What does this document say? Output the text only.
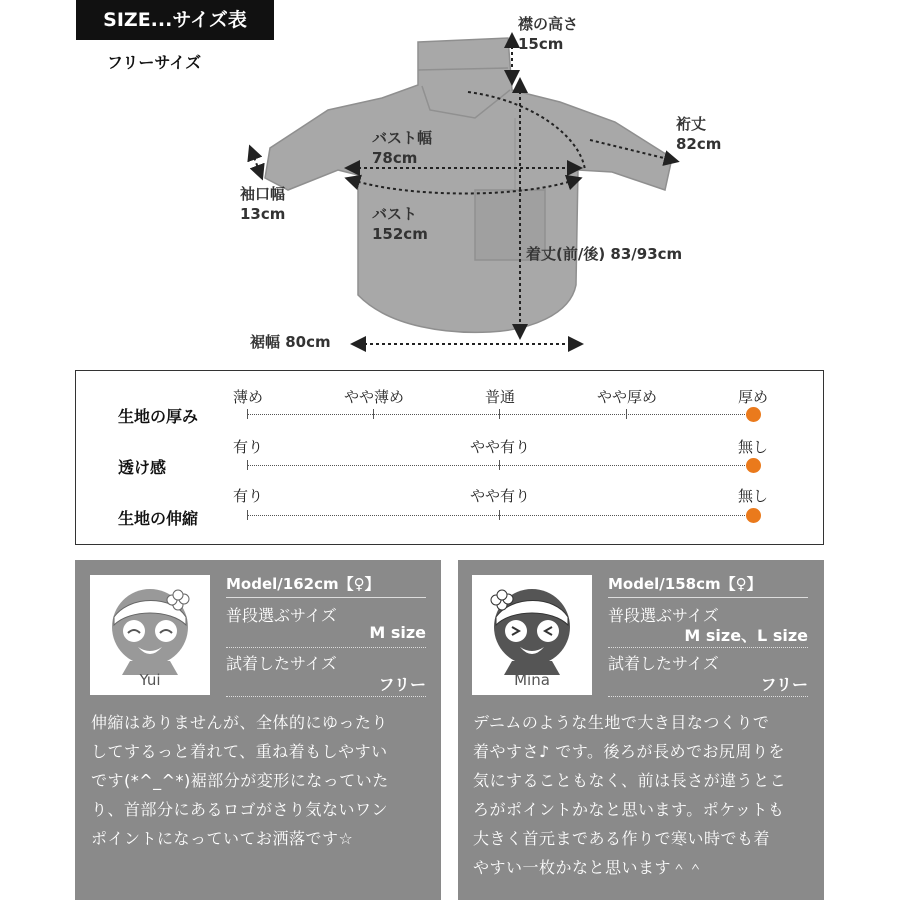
SIZE...サイズ表
フリーサイズ
襟の高さ
15cm
裄丈
82cm
バスト幅
78cm
袖口幅
13cm	バスト
152cm
着丈(前/後) 83/93cm
裾幅 80cm
生地の厚み
薄め	やや薄め	普通	やや厚め	厚め
透け感
有り	やや有り	無し
生地の伸縮
有り	やや有り	無し
Yui
Model/162cm【♀】
普段選ぶサイズ
M size
試着したサイズ
フリー
伸縮はありませんが、全体的にゆったり
してするっと着れて、重ね着もしやすい
です(*^_^*)裾部分が変形になっていた
り、首部分にあるロゴがさり気ないワン
ポイントになっていてお洒落です☆
Mina
Model/158cm【♀】
普段選ぶサイズ
M size、L size
試着したサイズ
フリー
デニムのような生地で大き目なつくりで
着やすさ♪ です。後ろが長めでお尻周りを
気にすることもなく、前は長さが違うとこ
ろがポイントかなと思います。ポケットも
大きく首元まである作りで寒い時でも着
やすい一枚かなと思います＾＾
